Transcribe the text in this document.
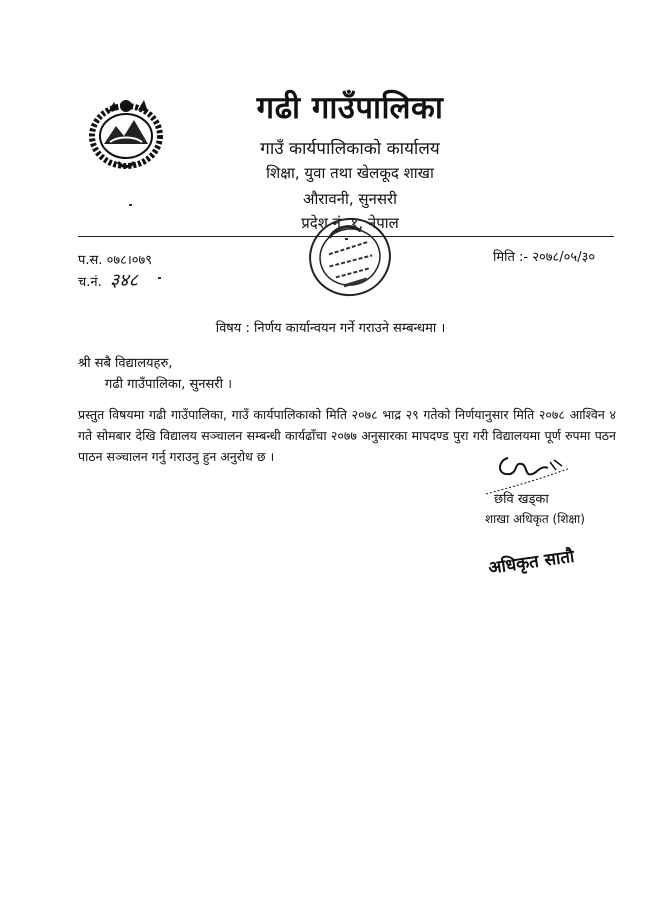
गढी गाउँपालिका
गाउँ कार्यपालिकाको कार्यालय
शिक्षा, युवा तथा खेलकूद शाखा
औरावनी, सुनसरी
प्रदेश नं. १, नेपाल
प.स. ०७८।०७९
च.नं. ३४८
मिति :- २०७८/०५/३०
विषय : निर्णय कार्यान्वयन गर्ने गराउने सम्बन्धमा ।
श्री सबै विद्यालयहरु,
गढी गाउँपालिका, सुनसरी ।

प्रस्तुत विषयमा गढी गाउँपालिका, गाउँ कार्यपालिकाको मिति २०७८ भाद्र २९ गतेको निर्णयानुसार मिति २०७८ आश्विन ४ गते सोमबार देखि विद्यालय सञ्चालन सम्बन्धी कार्यढाँचा २०७७ अनुसारका मापदण्ड पुरा गरी विद्यालयमा पूर्ण रुपमा पठन पाठन सञ्चालन गर्नु गराउनु हुन अनुरोध छ ।

छवि खड्का
शाखा अधिकृत (शिक्षा)
अधिकृत सातौ
